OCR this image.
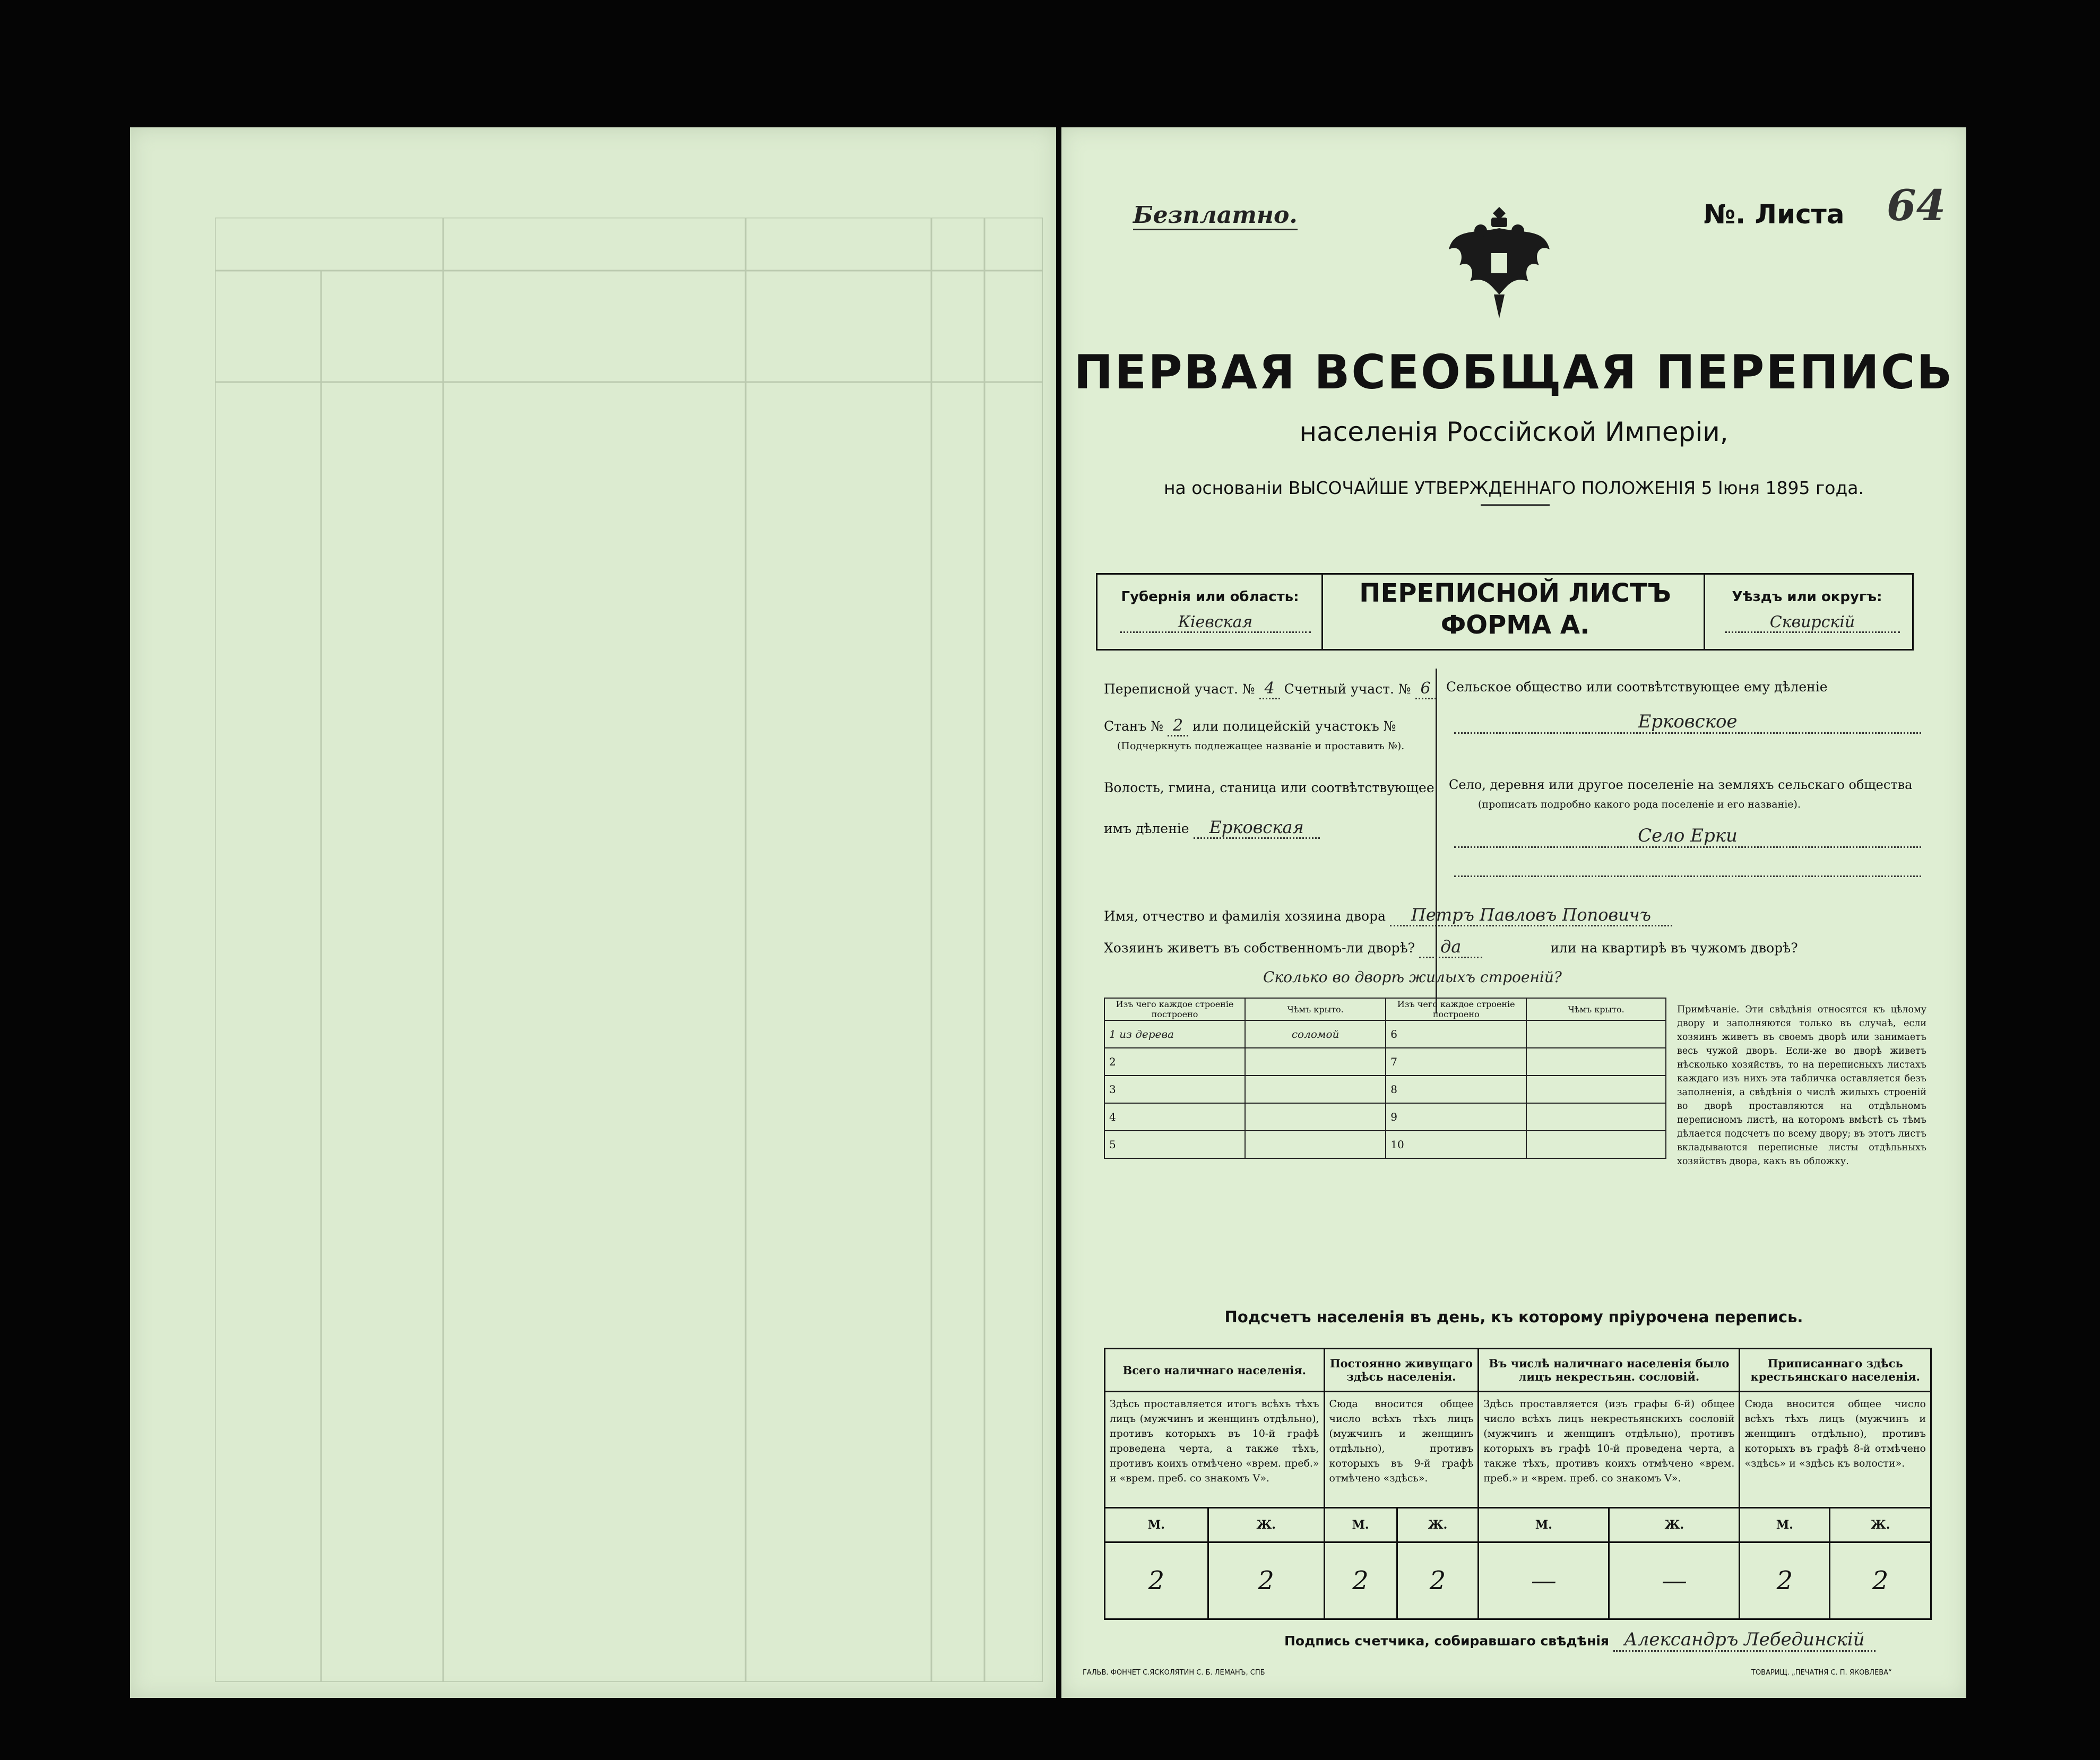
Безплатно.	№. Листа 64
ПЕРВАЯ ВСЕОБЩАЯ ПЕРЕПИСЬ
населенія Россійской Имперіи,
на основаніи ВЫСОЧАЙШЕ УТВЕРЖДЕННАГО ПОЛОЖЕНІЯ 5 Іюня 1895 года.
Губернія или область:
Кіевская
ПЕРЕПИСНОЙ ЛИСТЪ
ФОРМА А.
Уѣздъ или округъ:
Сквирскій
Переписной участ. № 4 Счетный участ. № 6
Станъ № 2 или полицейскій участокъ №
(Подчеркнуть подлежащее названіе и проставить №).
Волость, гмина, станица или соотвѣтствующее
имъ дѣленіе Ерковская
Сельское общество или соотвѣтствующее ему дѣленіе
Ерковское
Село, деревня или другое поселеніе на земляхъ сельскаго общества
(прописать подробно какого рода поселеніе и его названіе).
Село Ерки
Имя, отчество и фамилія хозяина двора Петръ Павловъ Поповичъ
Хозяинъ живетъ въ собственномъ-ли дворѣ? да	или на квартирѣ въ чужомъ дворѣ?
Сколько во дворѣ жилыхъ строеній?
Изъ чего каждое строеніе построено	Чѣмъ крыто.	Изъ чего каждое строеніе построено	Чѣмъ крыто.
1 из дерева	соломой	6	
2		7	
3		8	
4		9	
5		10	
Примѣчаніе. Эти свѣдѣнія относятся къ цѣлому двору и заполняются только въ случаѣ, если хозяинъ живетъ въ своемъ дворѣ или занимаетъ весь чужой дворъ. Если-же во дворѣ живетъ нѣсколько хозяйствъ, то на переписныхъ листахъ каждаго изъ нихъ эта табличка оставляется безъ заполненія, а свѣдѣнія о числѣ жилыхъ строеній во дворѣ проставляются на отдѣльномъ переписномъ листѣ, на которомъ вмѣстѣ съ тѣмъ дѣлается подсчетъ по всему двору; въ этотъ листъ вкладываются переписные листы отдѣльныхъ хозяйствъ двора, какъ въ обложку.
Подсчетъ населенія въ день, къ которому пріурочена перепись.
Всего наличнаго населенія.		Постоянно живущаго здѣсь населенія.		Въ числѣ наличнаго населенія было лицъ некрестьян. сословій.		Приписаннаго здѣсь крестьянскаго населенія.	
Здѣсь проставляется итогъ всѣхъ тѣхъ лицъ (мужчинъ и женщинъ отдѣльно), противъ которыхъ въ 10-й графѣ проведена черта, а также тѣхъ, противъ коихъ отмѣчено «врем. преб.» и «врем. преб. со знакомъ V».		Сюда вносится общее число всѣхъ тѣхъ лицъ (мужчинъ и женщинъ отдѣльно), противъ которыхъ въ 9-й графѣ отмѣчено «здѣсь».		Здѣсь проставляется (изъ графы 6-й) общее число всѣхъ лицъ некрестьянскихъ сословій (мужчинъ и женщинъ отдѣльно), противъ которыхъ въ графѣ 10-й проведена черта, а также тѣхъ, противъ коихъ отмѣчено «врем. преб.» и «врем. преб. со знакомъ V».		Сюда вносится общее число всѣхъ тѣхъ лицъ (мужчинъ и женщинъ отдѣльно), противъ которыхъ въ графѣ 8-й отмѣчено «здѣсь» и «здѣсь къ волости».	
М.	Ж.	М.	Ж.	М.	Ж.	М.	Ж.
2	2	2	2	—	—	2	2
Подпись счетчика, собиравшаго свѣдѣнія Александръ Лебединскій
ГАЛЬВ. ФОНЧЕТ С.ЯСКОЛЯТИН С. Б. ЛЕМАНЪ, СПБ	ТОВАРИЩ. „ПЕЧАТНЯ С. П. ЯКОВЛЕВА“
